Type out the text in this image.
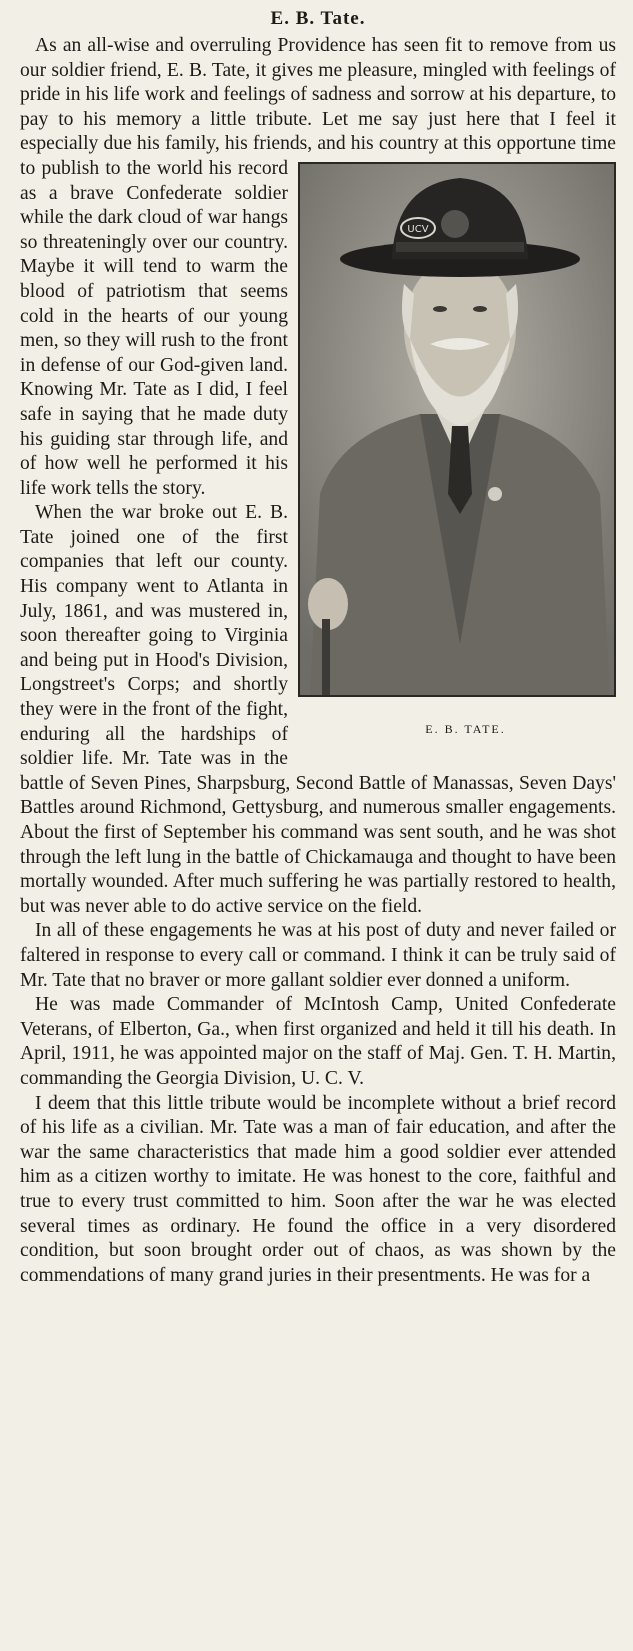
E. B. Tate.

As an all-wise and overruling Providence has seen fit to remove from us our soldier friend, E. B. Tate, it gives me pleasure, mingled with feelings of pride in his life work and feelings of sadness and sorrow at his departure, to pay to his memory a little tribute. Let me say just here that I feel it especially due his family, his friends, and his country at this
UCV
E. B. TATE.
opportune time to publish to the world his record as a brave Confederate soldier while the dark cloud of war hangs so threateningly over our country. Maybe it will tend to warm the blood of patriotism that seems cold in the hearts of our young men, so they will rush to the front in defense of our God-given land. Knowing Mr. Tate as I did, I feel safe in saying that he made duty his guiding star through life, and of how well he performed it his life work tells the story.

When the war broke out E. B. Tate joined one of the first companies that left our county. His company went to Atlanta in July, 1861, and was mustered in, soon thereafter going to Virginia and being put in Hood's Division, Longstreet's Corps; and shortly they were in the front of the fight, enduring all the hardships of soldier life. Mr. Tate was in the battle of Seven Pines, Sharpsburg, Second Battle of Manassas, Seven Days' Battles around Richmond, Gettysburg, and numerous smaller engagements. About the first of September his command was sent south, and he was shot through the left lung in the battle of Chickamauga and thought to have been mortally wounded. After much suffering he was partially restored to health, but was never able to do active service on the field.

In all of these engagements he was at his post of duty and never failed or faltered in response to every call or command. I think it can be truly said of Mr. Tate that no braver or more gallant soldier ever donned a uniform.

He was made Commander of McIntosh Camp, United Confederate Veterans, of Elberton, Ga., when first organized and held it till his death. In April, 1911, he was appointed major on the staff of Maj. Gen. T. H. Martin, commanding the Georgia Division, U. C. V.

I deem that this little tribute would be incomplete without a brief record of his life as a civilian. Mr. Tate was a man of fair education, and after the war the same characteristics that made him a good soldier ever attended him as a citizen worthy to imitate. He was honest to the core, faithful and true to every trust committed to him. Soon after the war he was elected several times as ordinary. He found the office in a very disordered condition, but soon brought order out of chaos, as was shown by the commendations of many grand juries in their presentments. He was for a
